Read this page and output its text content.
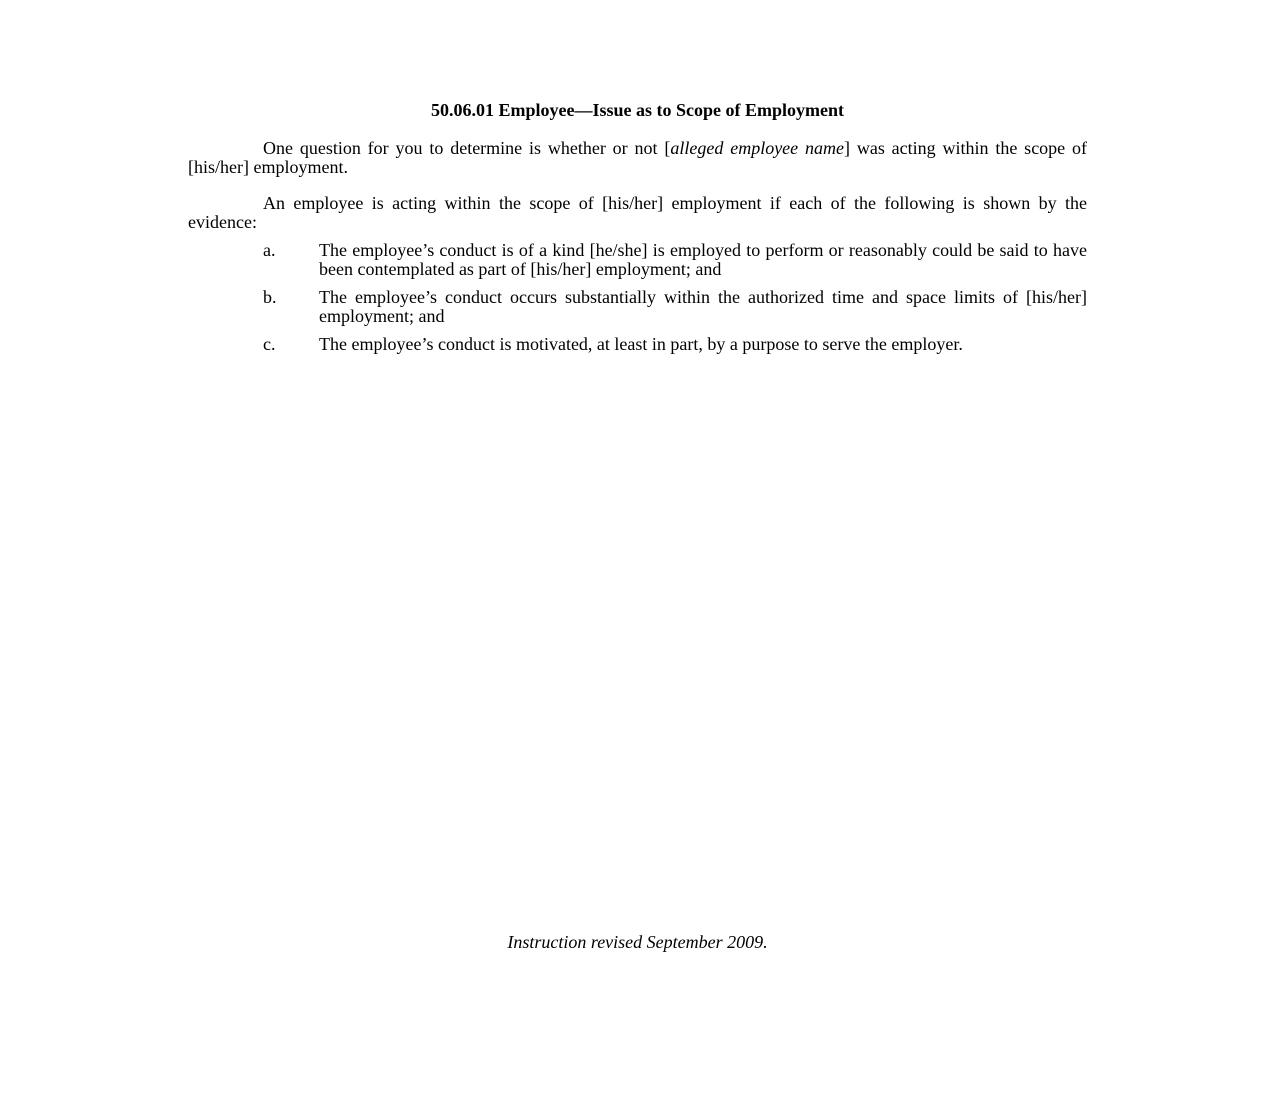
50.06.01 Employee—Issue as to Scope of Employment

One question for you to determine is whether or not [alleged employee name] was acting within the scope of [his/her] employment.

An employee is acting within the scope of [his/her] employment if each of the following is shown by the evidence:

a.	The employee’s conduct is of a kind [he/she] is employed to perform or reasonably could be said to have been contemplated as part of [his/her] employment; and
b.	The employee’s conduct occurs substantially within the authorized time and space limits of [his/her] employment; and
c.	The employee’s conduct is motivated, at least in part, by a purpose to serve the employer.
Instruction revised September 2009.
